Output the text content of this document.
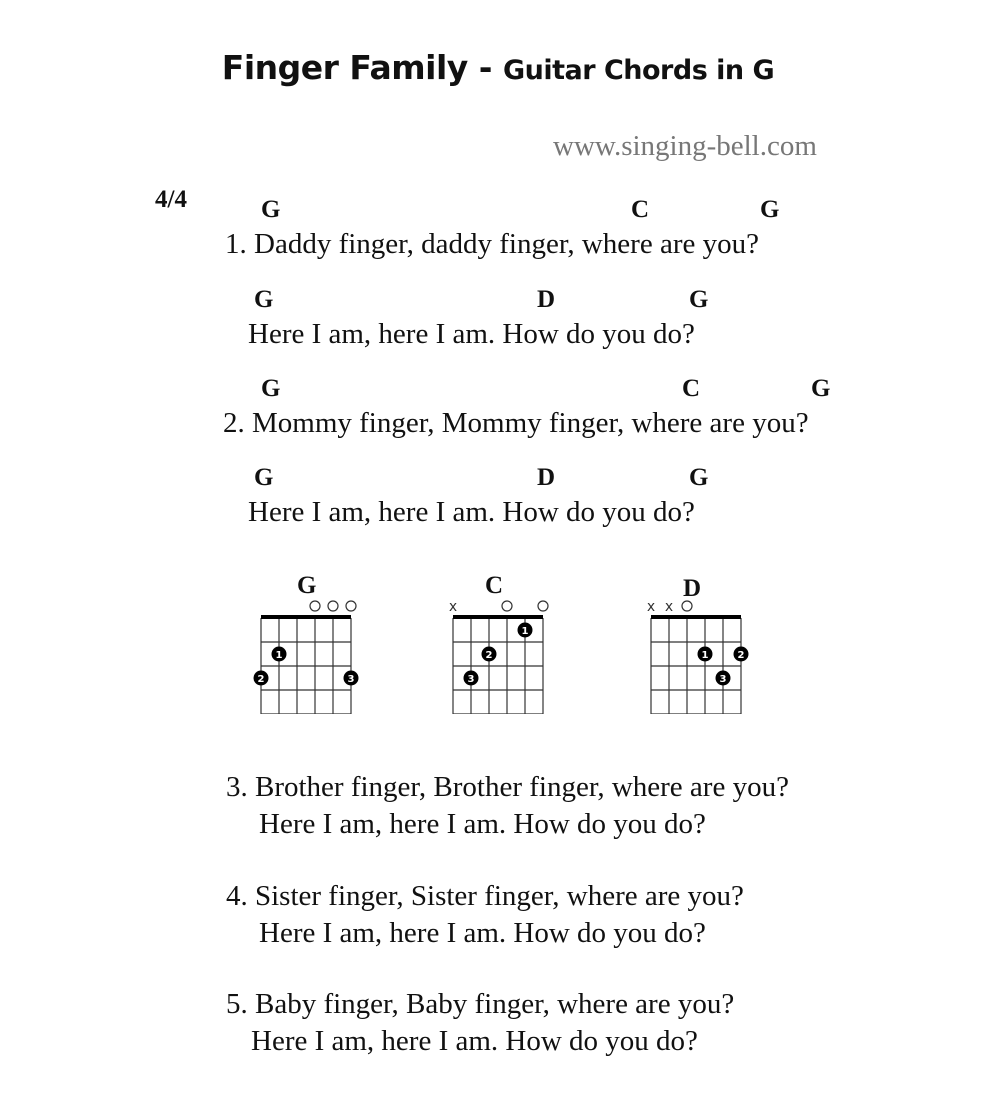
Finger Family - Guitar Chords in G
www.singing-bell.com
4/4	G	C	G
1. Daddy finger, daddy finger, where are you?
G	D	G
Here I am, here I am. How do you do?
G	C	G
2. Mommy finger, Mommy finger, where are you?
G	D	G
Here I am, here I am. How do you do?
G	C	D
2
1
3
x
3
2
1
x x
1
3
2
3. Brother finger, Brother finger, where are you?
Here I am, here I am. How do you do?
4. Sister finger, Sister finger, where are you?
Here I am, here I am. How do you do?
5. Baby finger, Baby finger, where are you?
Here I am, here I am. How do you do?
